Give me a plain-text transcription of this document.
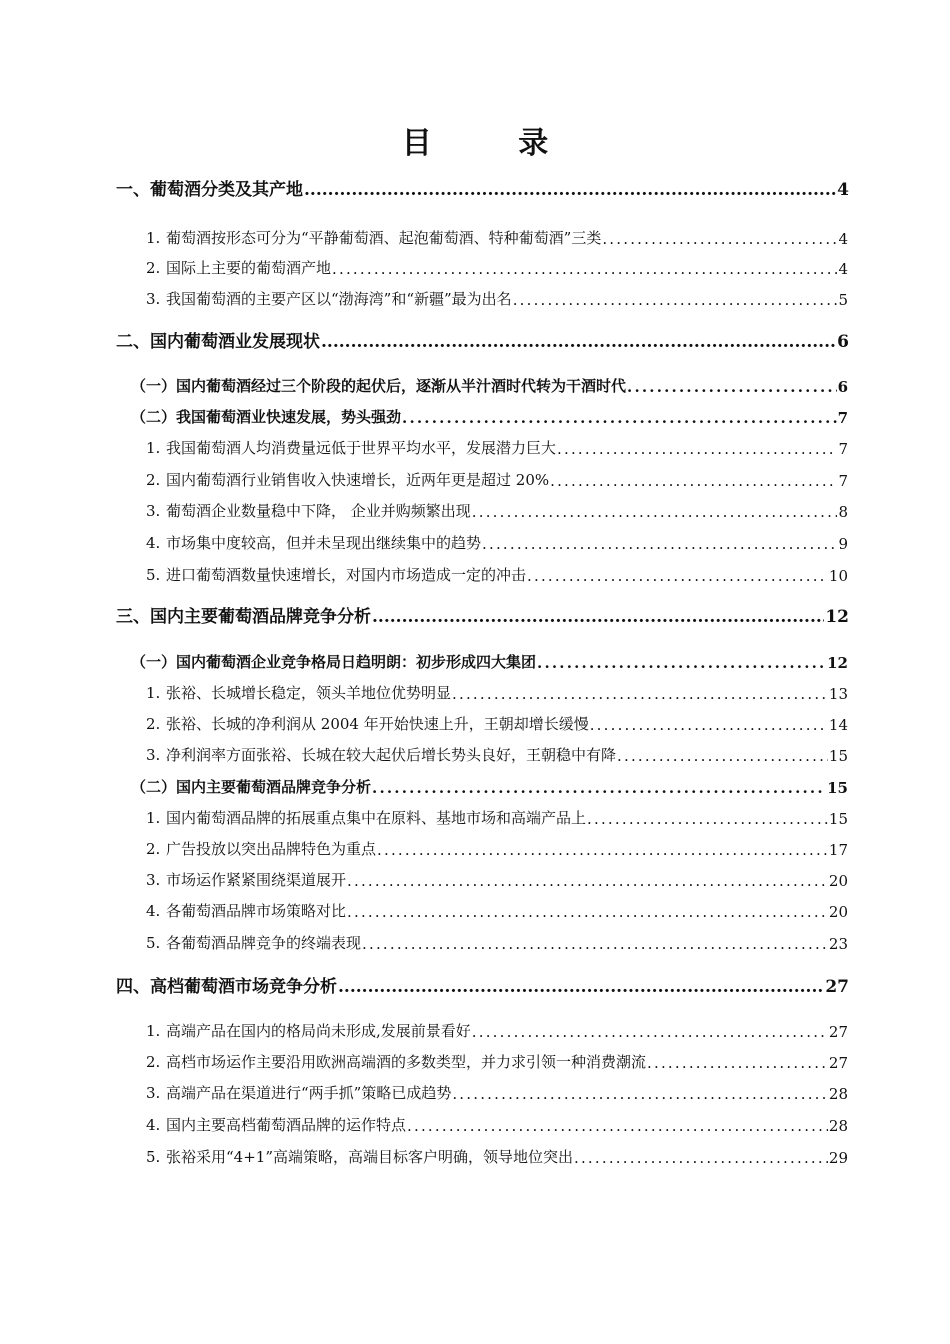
目 录
一、葡萄酒分类及其产地 .....	4
1. 葡萄酒按形态可分为“平静葡萄酒、起泡葡萄酒、特种葡萄酒”三类 .....	4
2. 国际上主要的葡萄酒产地 .....	4
3. 我国葡萄酒的主要产区以“渤海湾”和“新疆”最为出名 .....	5
二、国内葡萄酒业发展现状 .....	6
（一）国内葡萄酒经过三个阶段的起伏后，逐渐从半汁酒时代转为干酒时代 .....	6
（二）我国葡萄酒业快速发展，势头强劲 .....	7
1. 我国葡萄酒人均消费量远低于世界平均水平，发展潜力巨大 .....	7
2. 国内葡萄酒行业销售收入快速增长，近两年更是超过 20% .....	7
3. 葡萄酒企业数量稳中下降， 企业并购频繁出现 .....	8
4. 市场集中度较高，但并未呈现出继续集中的趋势 .....	9
5. 进口葡萄酒数量快速增长，对国内市场造成一定的冲击 .....	10
三、国内主要葡萄酒品牌竞争分析 .....	12
（一）国内葡萄酒企业竞争格局日趋明朗：初步形成四大集团 .....	12
1. 张裕、长城增长稳定，领头羊地位优势明显 .....	13
2. 张裕、长城的净利润从 2004 年开始快速上升，王朝却增长缓慢 .....	14
3. 净利润率方面张裕、长城在较大起伏后增长势头良好，王朝稳中有降 .....	15
（二）国内主要葡萄酒品牌竞争分析 .....	15
1. 国内葡萄酒品牌的拓展重点集中在原料、基地市场和高端产品上 .....	15
2. 广告投放以突出品牌特色为重点 .....	17
3. 市场运作紧紧围绕渠道展开 .....	20
4. 各葡萄酒品牌市场策略对比 .....	20
5. 各葡萄酒品牌竞争的终端表现 .....	23
四、高档葡萄酒市场竞争分析 .....	27
1. 高端产品在国内的格局尚未形成,发展前景看好 .....	27
2. 高档市场运作主要沿用欧洲高端酒的多数类型，并力求引领一种消费潮流 .....	27
3. 高端产品在渠道进行“两手抓”策略已成趋势 .....	28
4. 国内主要高档葡萄酒品牌的运作特点 .....	28
5. 张裕采用“4+1”高端策略，高端目标客户明确，领导地位突出 .....	29
